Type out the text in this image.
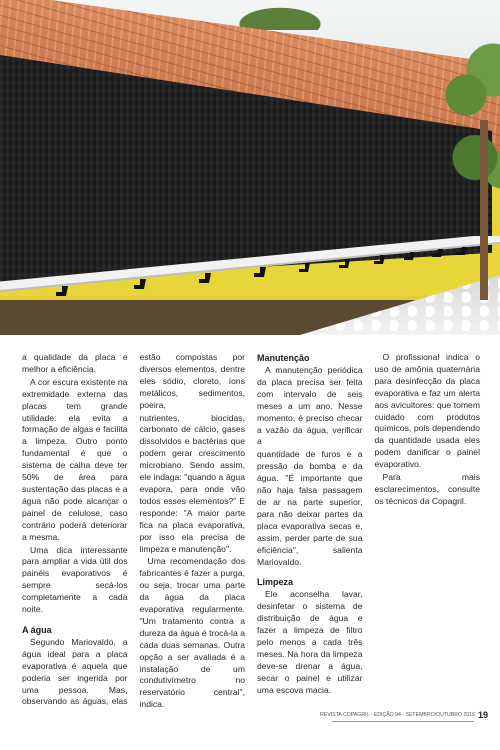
a qualidade da placa e melhor a eficiência.

A cor escura existente na extremidade externa das placas tem grande utilidade: ela evita a formação de algas e facilita a limpeza. Outro ponto fundamental é que o sistema de calha deve ter 50% de área para sustentação das placas e a água não pode alcançar o painel de celulose, caso contrário poderá deteriorar a mesma.

Uma dica interessante para ampliar a vida útil dos painéis evaporativos é sempre secá-los completamente a cada noite.

A água

Segundo Mariovaldo, a água ideal para a placa evaporativa é aquela que poderia ser ingerida por uma pessoa. Mas, observando as águas, elas estão compostas por diversos elementos, dentre eles sódio, cloreto, íons metálicos, sedimentos, poeira,

nutrientes, biocidas, carbonato de cálcio, gases dissolvidos e bactérias que podem gerar crescimento microbiano. Sendo assim, ele indaga: "quando a água evapora, para onde vão todos esses elementos?" E responde: "A maior parte fica na placa evaporativa, por isso ela precisa de limpeza e manutenção".

Uma recomendação dos fabricantes é fazer a purga, ou seja, trocar uma parte da água da placa evaporativa regularmente. "Um tratamento contra a dureza da água é trocá-la a cada duas semanas. Outra opção a ser avaliada é a instalação de um condutivímetro no reservatório central", indica.

Manutenção

A manutenção periódica da placa precisa ser feita com intervalo de seis meses a um ano. Nesse momento, é preciso checar a vazão da água, verificar a

quantidade de furos e a pressão da bomba e da água. "É importante que não haja falsa passagem de ar na parte superior, para não deixar partes da placa evaporativa secas e, assim, perder parte de sua eficiência", salienta Mariovaldo.

Limpeza

Ele aconselha lavar, desinfetar o sistema de distribuição de água e fazer a limpeza de filtro pelo menos a cada três meses. Na hora da limpeza deve-se drenar a água, secar o painel e utilizar uma escova macia.

O profissional indica o uso de amônia quaternária para desinfecção da placa evaporativa e faz um alerta aos avicultores: que tomem cuidado com produtos químicos, pois dependendo da quantidade usada eles podem danificar o painel evaporativo.

Para mais esclarecimentos, consulte os técnicos da Copagril.

REVISTA COPAGRIL - EDIÇÃO 94 - SETEMBRO/OUTUBRO 2016 19
